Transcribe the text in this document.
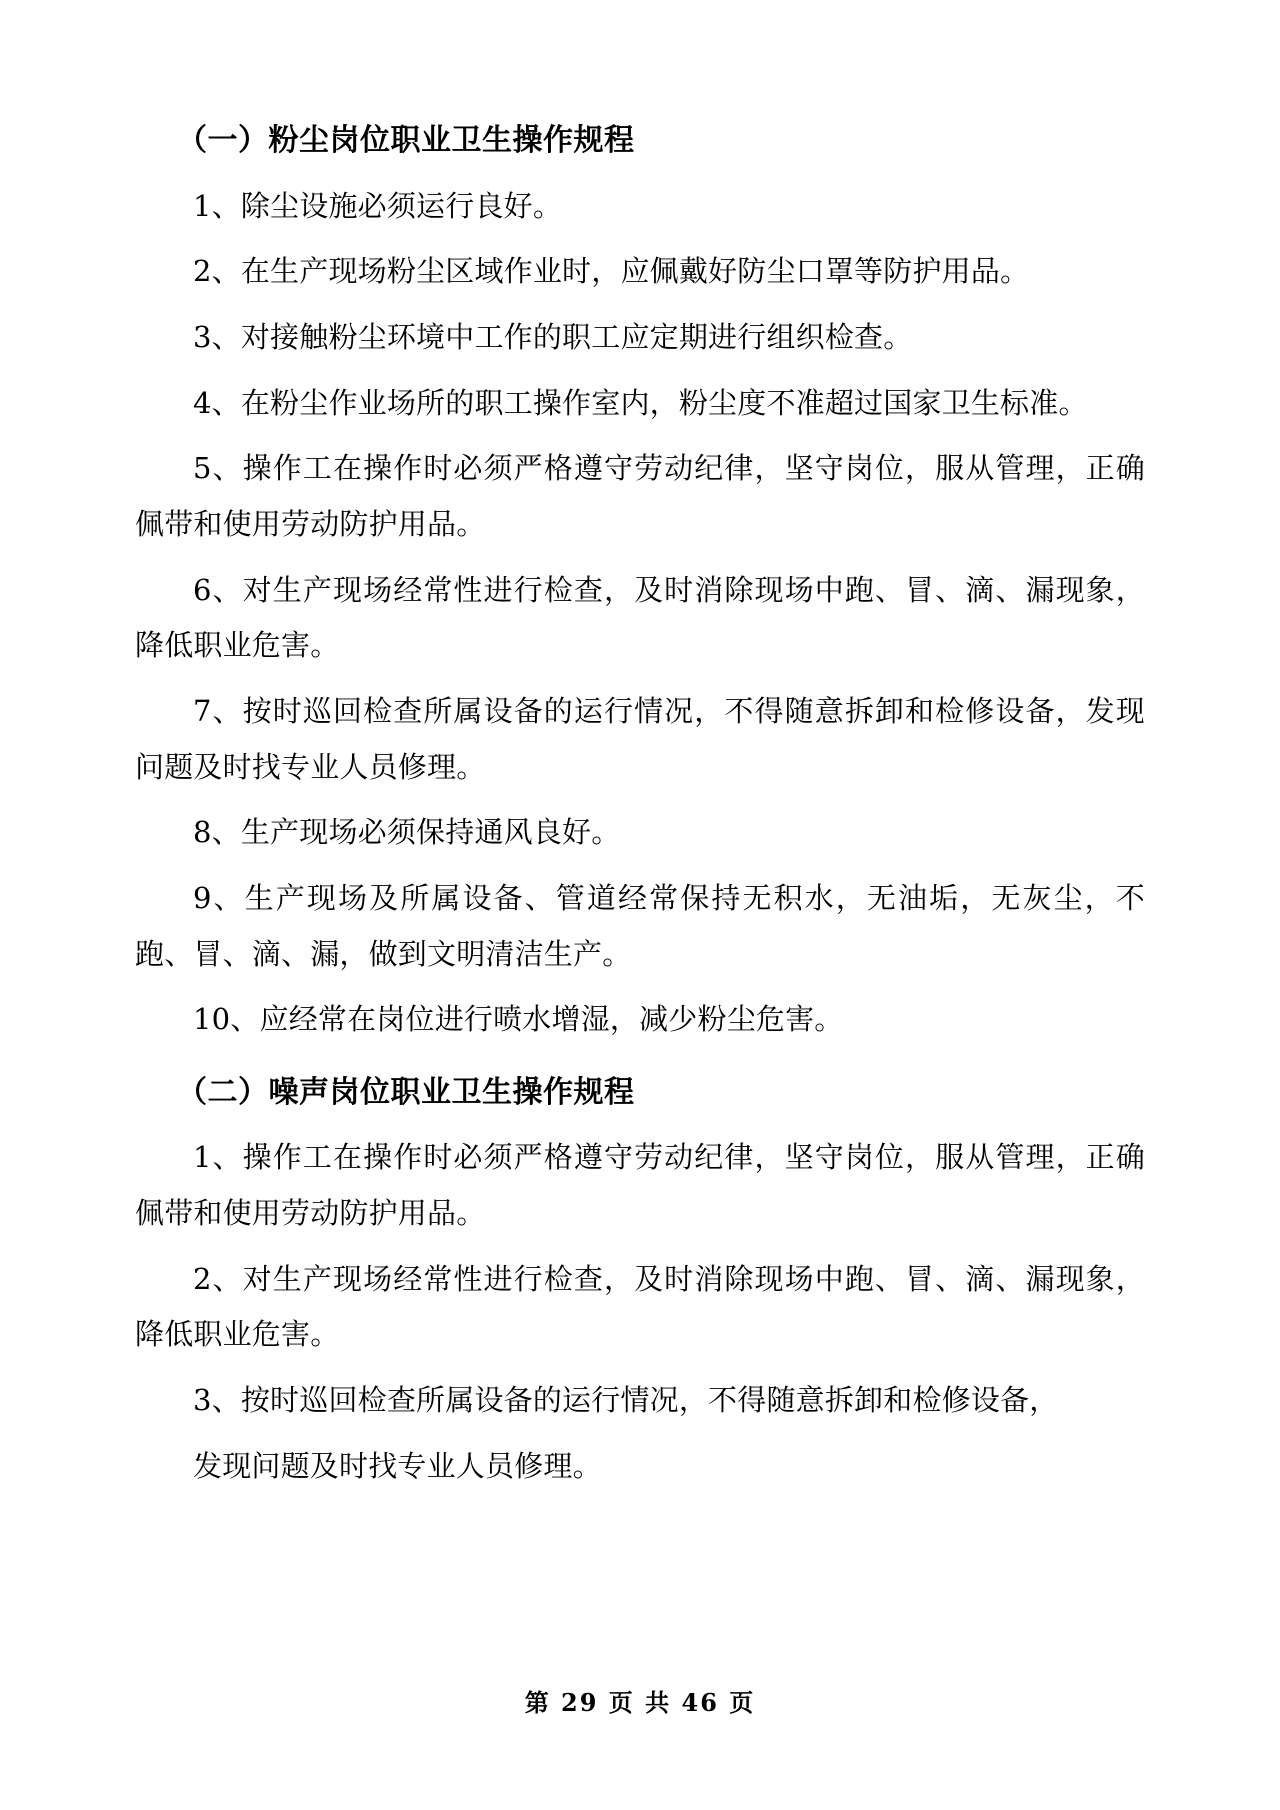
（一）粉尘岗位职业卫生操作规程

1、除尘设施必须运行良好。

2、在生产现场粉尘区域作业时，应佩戴好防尘口罩等防护用品。

3、对接触粉尘环境中工作的职工应定期进行组织检查。

4、在粉尘作业场所的职工操作室内，粉尘度不准超过国家卫生标准。

5、操作工在操作时必须严格遵守劳动纪律，坚守岗位，服从管理，正确佩带和使用劳动防护用品。

6、对生产现场经常性进行检查，及时消除现场中跑、冒、滴、漏现象，降低职业危害。

7、按时巡回检查所属设备的运行情况，不得随意拆卸和检修设备，发现问题及时找专业人员修理。

8、生产现场必须保持通风良好。

9、生产现场及所属设备、管道经常保持无积水，无油垢，无灰尘，不跑、冒、滴、漏，做到文明清洁生产。

10、应经常在岗位进行喷水增湿，减少粉尘危害。

（二）噪声岗位职业卫生操作规程

1、操作工在操作时必须严格遵守劳动纪律，坚守岗位，服从管理，正确佩带和使用劳动防护用品。

2、对生产现场经常性进行检查，及时消除现场中跑、冒、滴、漏现象，降低职业危害。

3、按时巡回检查所属设备的运行情况，不得随意拆卸和检修设备，

发现问题及时找专业人员修理。

第 29 页 共 46 页
